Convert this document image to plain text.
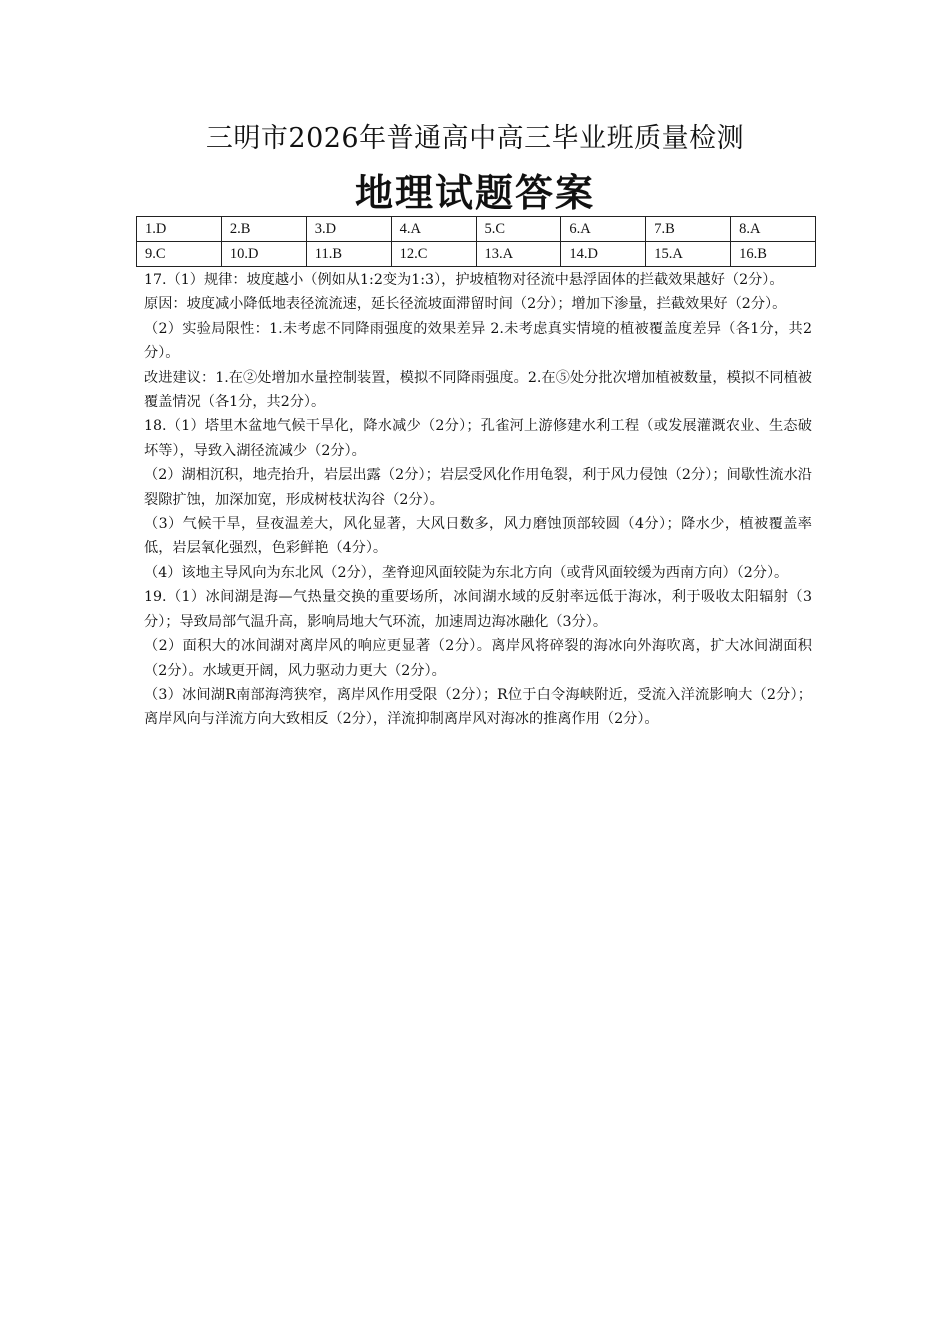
三明市2026年普通高中高三毕业班质量检测
地理试题答案
1.D	2.B	3.D	4.A	5.C	6.A	7.B	8.A
9.C	10.D	11.B	12.C	13.A	14.D	15.A	16.B

17.（1）规律：坡度越小（例如从1:2变为1:3），护坡植物对径流中悬浮固体的拦截效果越好（2分）。

原因：坡度减小降低地表径流流速，延长径流坡面滞留时间（2分）；增加下渗量，拦截效果好（2分）。

（2）实验局限性：1.未考虑不同降雨强度的效果差异 2.未考虑真实情境的植被覆盖度差异（各1分，共2分）。

改进建议：1.在②处增加水量控制装置，模拟不同降雨强度。2.在⑤处分批次增加植被数量，模拟不同植被覆盖情况（各1分，共2分）。

18.（1）塔里木盆地气候干旱化，降水减少（2分）；孔雀河上游修建水利工程（或发展灌溉农业、生态破坏等），导致入湖径流减少（2分）。

（2）湖相沉积，地壳抬升，岩层出露（2分）；岩层受风化作用龟裂，利于风力侵蚀（2分）；间歇性流水沿裂隙扩蚀，加深加宽，形成树枝状沟谷（2分）。

（3）气候干旱，昼夜温差大，风化显著，大风日数多，风力磨蚀顶部较圆（4分）；降水少，植被覆盖率低，岩层氧化强烈，色彩鲜艳（4分）。

（4）该地主导风向为东北风（2分），垄脊迎风面较陡为东北方向（或背风面较缓为西南方向）（2分）。

19.（1）冰间湖是海—气热量交换的重要场所，冰间湖水域的反射率远低于海冰，利于吸收太阳辐射（3分）；导致局部气温升高，影响局地大气环流，加速周边海冰融化（3分）。

（2）面积大的冰间湖对离岸风的响应更显著（2分）。离岸风将碎裂的海冰向外海吹离，扩大冰间湖面积（2分）。水域更开阔，风力驱动力更大（2分）。

（3）冰间湖R南部海湾狭窄，离岸风作用受限（2分）；R位于白令海峡附近，受流入洋流影响大（2分）；离岸风向与洋流方向大致相反（2分），洋流抑制离岸风对海冰的推离作用（2分）。
